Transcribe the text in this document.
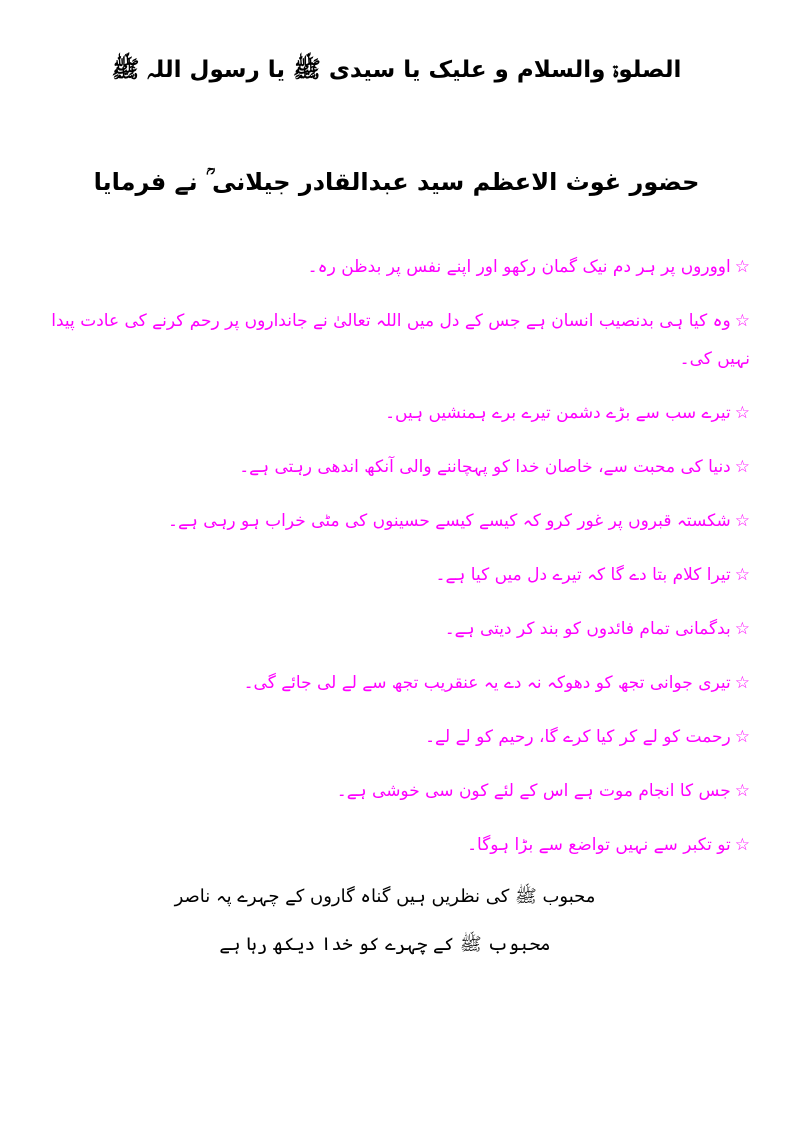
الصلوۃ والسلام و علیک یا سیدی ﷺ یا رسول اللہ ﷺ
حضور غوث الاعظم سید عبدالقادر جیلانی ؒ نے فرمایا
☆اووروں پر ہر دم نیک گمان رکھو اور اپنے نفس پر بدظن رہ۔
☆وہ کیا ہی بدنصیب انسان ہے جس کے دل میں اللہ تعالیٰ نے جانداروں پر رحم کرنے کی عادت پیدا نہیں کی۔
☆تیرے سب سے بڑے دشمن تیرے برے ہمنشیں ہیں۔
☆دنیا کی محبت سے، خاصان خدا کو پہچاننے والی آنکھ اندھی رہتی ہے۔
☆شکستہ قبروں پر غور کرو کہ کیسے کیسے حسینوں کی مٹی خراب ہو رہی ہے۔
☆تیرا کلام بتا دے گا کہ تیرے دل میں کیا ہے۔
☆بدگمانی تمام فائدوں کو بند کر دیتی ہے۔
☆تیری جوانی تجھ کو دھوکہ نہ دے یہ عنقریب تجھ سے لے لی جائے گی۔
☆رحمت کو لے کر کیا کرے گا، رحیم کو لے لے۔
☆جس کا انجام موت ہے اس کے لئے کون سی خوشی ہے۔
☆تو تکبر سے نہیں تواضع سے بڑا ہوگا۔
محبوب ﷺ کی نظریں ہیں گناہ گاروں کے چہرے پہ ناصر
محبوب ﷺ کے چہرے کو خدا دیکھ رہا ہے
